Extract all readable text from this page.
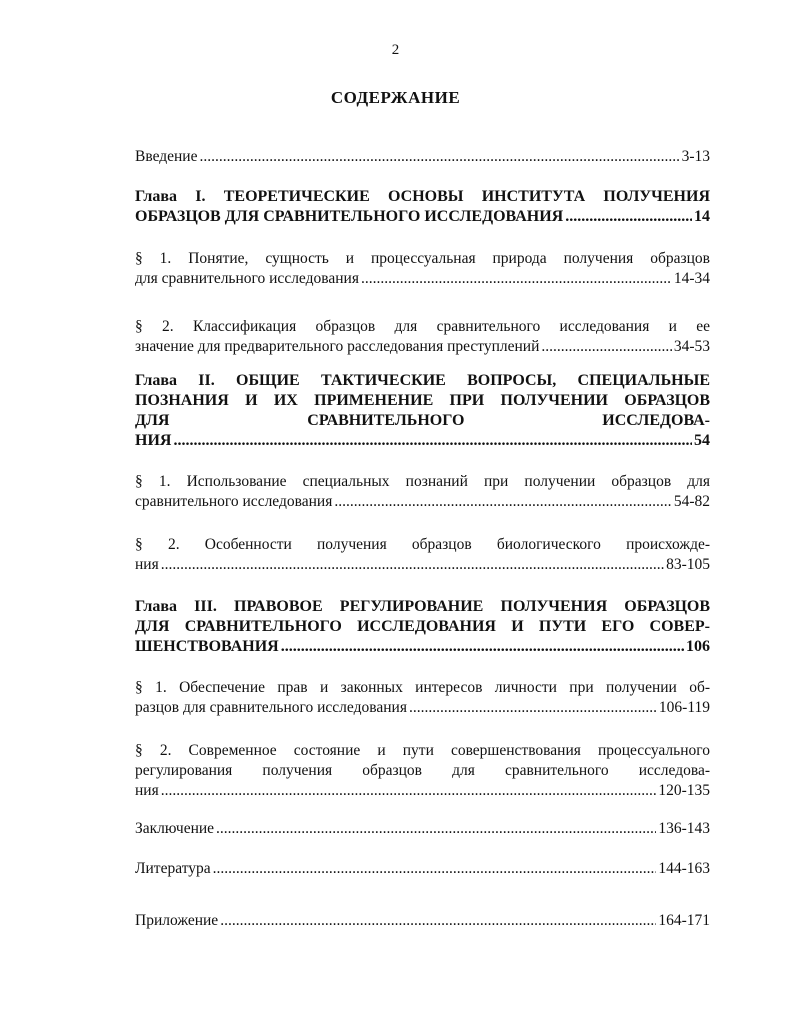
2
СОДЕРЖАНИЕ
Введение .....	3-13
Глава I. ТЕОРЕТИЧЕСКИЕ ОСНОВЫ ИНСТИТУТА ПОЛУЧЕНИЯ
ОБРАЗЦОВ ДЛЯ СРАВНИТЕЛЬНОГО ИССЛЕДОВАНИЯ .....	14
§ 1. Понятие, сущность и процессуальная природа получения образцов
для сравнительного исследования .....	14-34
§ 2. Классификация образцов для сравнительного исследования и ее
значение для предварительного расследования преступлений .....	34-53
Глава II. ОБЩИЕ ТАКТИЧЕСКИЕ ВОПРОСЫ, СПЕЦИАЛЬНЫЕ
ПОЗНАНИЯ И ИХ ПРИМЕНЕНИЕ ПРИ ПОЛУЧЕНИИ ОБРАЗЦОВ
ДЛЯ СРАВНИТЕЛЬНОГО ИССЛЕДОВА-
НИЯ .....	54
§ 1. Использование специальных познаний при получении образцов для
сравнительного исследования .....	54-82
§ 2. Особенности получения образцов биологического происхожде-
ния .....	83-105
Глава III. ПРАВОВОЕ РЕГУЛИРОВАНИЕ ПОЛУЧЕНИЯ ОБРАЗЦОВ
ДЛЯ СРАВНИТЕЛЬНОГО ИССЛЕДОВАНИЯ И ПУТИ ЕГО СОВЕР-
ШЕНСТВОВАНИЯ .....	106
§ 1. Обеспечение прав и законных интересов личности при получении об-
разцов для сравнительного исследования .....	106-119
§ 2. Современное состояние и пути совершенствования процессуального
регулирования получения образцов для сравнительного исследова-
ния .....	120-135
Заключение .....	136-143
Литература .....	144-163
Приложение .....	164-171
